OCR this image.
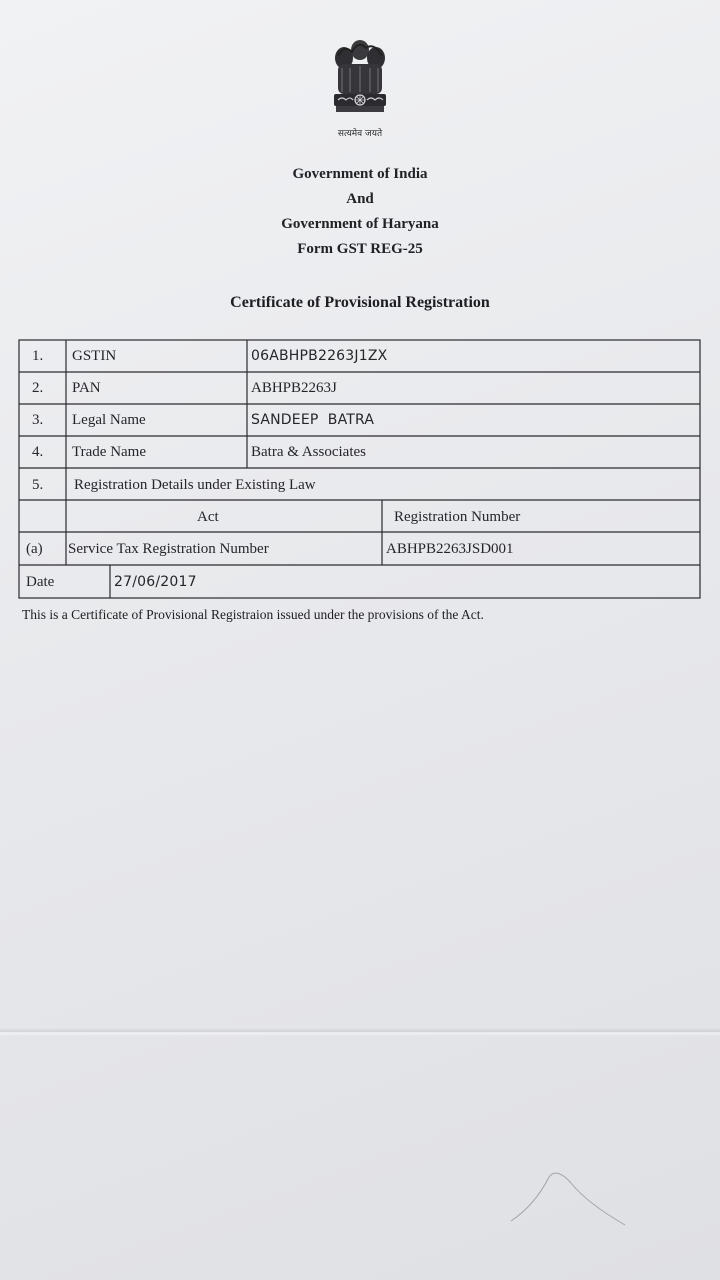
सत्यमेव जयते
Government of India
And
Government of Haryana
Form GST REG-25
Certificate of Provisional Registration
1. GSTIN	06ABHPB2263J1ZX
2. PAN	ABHPB2263J
3. Legal Name	SANDEEP  BATRA
4. Trade Name	Batra & Associates
5. Registration Details under Existing Law
Act	Registration Number
(a) Service Tax Registration Number	ABHPB2263JSD001
Date	27/06/2017
This is a Certificate of Provisional Registraion issued under the provisions of the Act.
